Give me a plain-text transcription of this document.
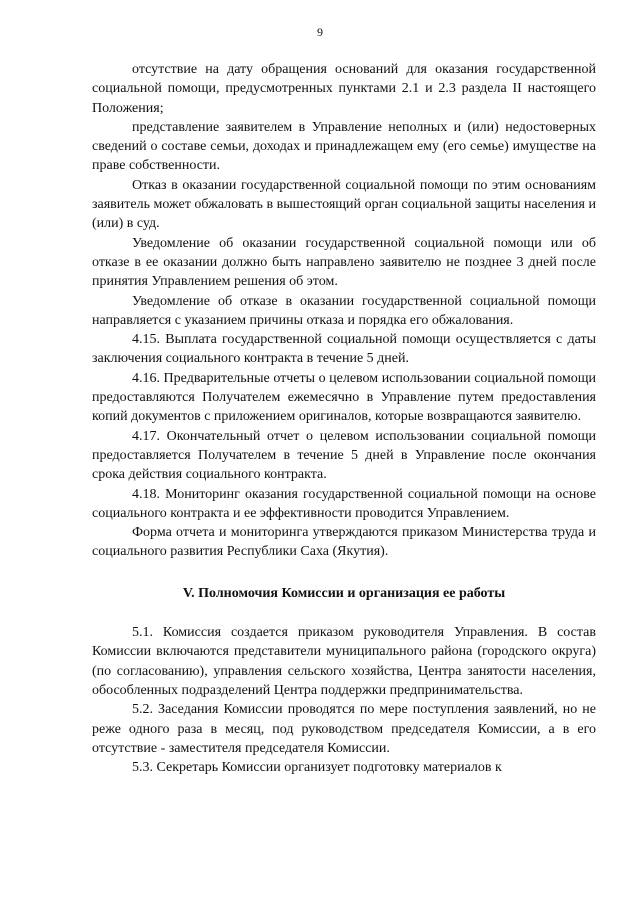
9

отсутствие на дату обращения оснований для оказания государственной социальной помощи, предусмотренных пунктами 2.1 и 2.3 раздела II настоящего Положения;

представление заявителем в Управление неполных и (или) недостоверных сведений о составе семьи, доходах и принадлежащем ему (его семье) имуществе на праве собственности.

Отказ в оказании государственной социальной помощи по этим основаниям заявитель может обжаловать в вышестоящий орган социальной защиты населения и (или) в суд.

Уведомление об оказании государственной социальной помощи или об отказе в ее оказании должно быть направлено заявителю не позднее 3 дней после принятия Управлением решения об этом.

Уведомление об отказе в оказании государственной социальной помощи направляется с указанием причины отказа и порядка его обжалования.

4.15. Выплата государственной социальной помощи осуществляется с даты заключения социального контракта в течение 5 дней.

4.16. Предварительные отчеты о целевом использовании социальной помощи предоставляются Получателем ежемесячно в Управление путем предоставления копий документов с приложением оригиналов, которые возвращаются заявителю.

4.17. Окончательный отчет о целевом использовании социальной помощи предоставляется Получателем в течение 5 дней в Управление после окончания срока действия социального контракта.

4.18. Мониторинг оказания государственной социальной помощи на основе социального контракта и ее эффективности проводится Управлением.

Форма отчета и мониторинга утверждаются приказом Министерства труда и социального развития Республики Саха (Якутия).

V. Полномочия Комиссии и организация ее работы

5.1. Комиссия создается приказом руководителя Управления. В состав Комиссии включаются представители муниципального района (городского округа) (по согласованию), управления сельского хозяйства, Центра занятости населения, обособленных подразделений Центра поддержки предпринимательства.

5.2. Заседания Комиссии проводятся по мере поступления заявлений, но не реже одного раза в месяц, под руководством председателя Комиссии, а в его отсутствие - заместителя председателя Комиссии.

5.3. Секретарь Комиссии организует подготовку материалов к
